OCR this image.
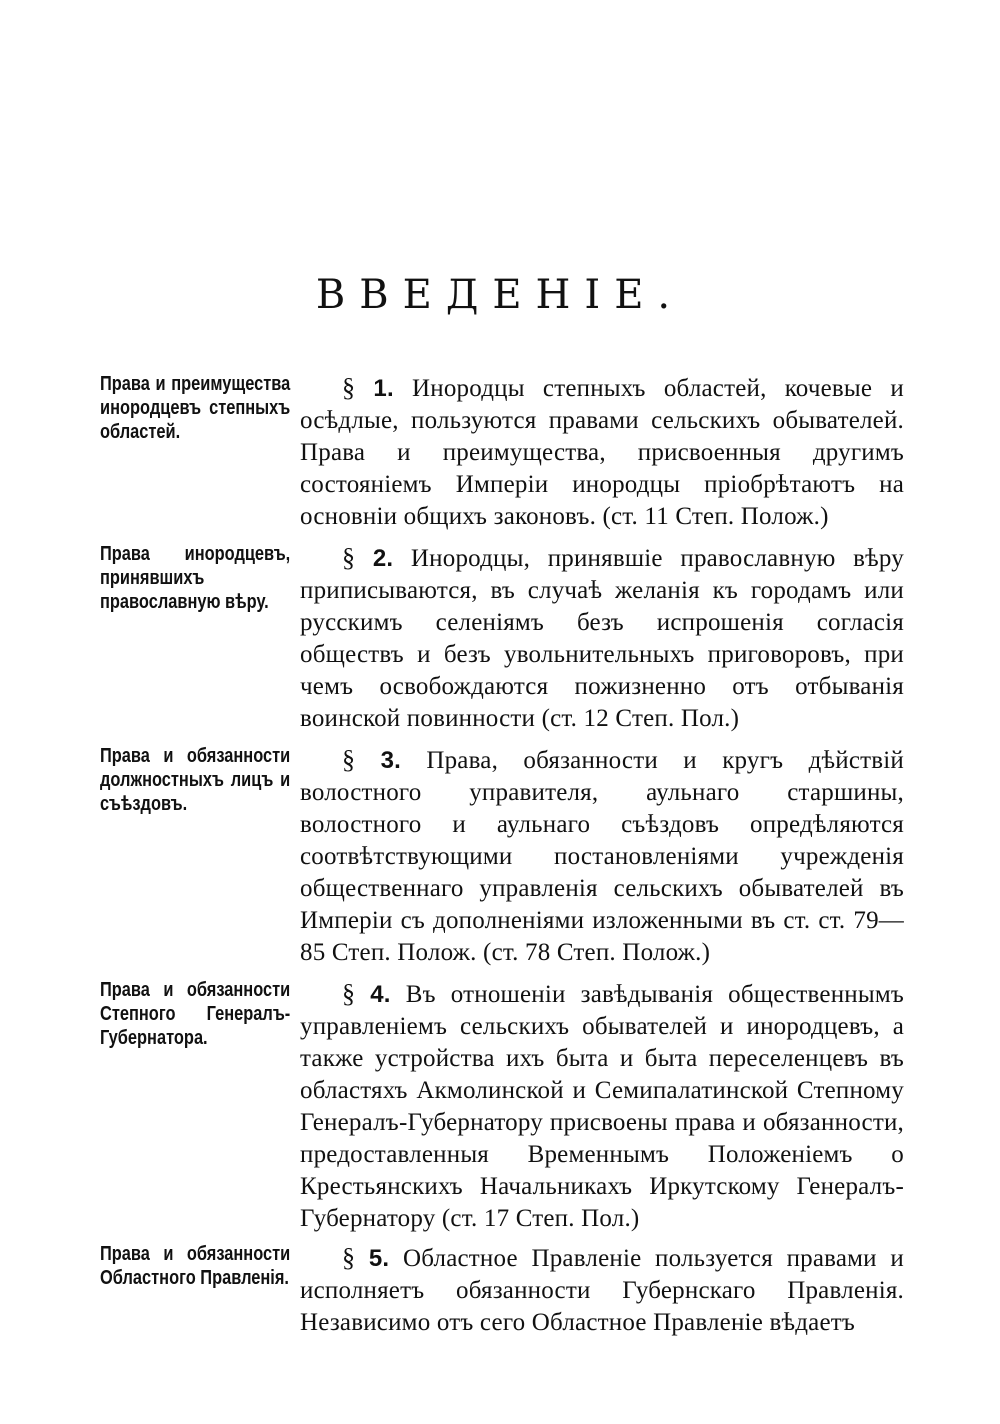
ВВЕДЕНІЕ.
Права и преимущества инородцевъ степныхъ областей.
§ 1. Инородцы степныхъ областей, кочевые и осѣдлые, пользуются правами сельскихъ обывателей. Права и преимущества, присвоенныя другимъ состояніемъ Имперіи инородцы пріобрѣтаютъ на основніи общихъ законовъ. (ст. 11 Степ. Полож.)
Права инородцевъ, принявшихъ православную вѣру.
§ 2. Инородцы, принявшіе православную вѣру приписываются, въ случаѣ желанія къ городамъ или русскимъ селеніямъ безъ испрошенія согласія обществъ и безъ увольнительныхъ приговоровъ, при чемъ освобождаются пожизненно отъ отбыванія воинской повинности (ст. 12 Степ. Пол.)
Права и обязанности должностныхъ лицъ и съѣздовъ.
§ 3. Права, обязанности и кругъ дѣйствій волостного управителя, аульнаго старшины, волостного и аульнаго съѣздовъ опредѣляются соотвѣтствующими постановленіями учрежденія общественнаго управленія сельскихъ обывателей въ Имперіи съ дополненіями изложенными въ ст. ст. 79—85 Степ. Полож. (ст. 78 Степ. Полож.)
Права и обязанности Степного Генералъ-Губернатора.
§ 4. Въ отношеніи завѣдыванія общественнымъ управленіемъ сельскихъ обывателей и инородцевъ, а также устройства ихъ быта и быта переселенцевъ въ областяхъ Акмолинской и Семипалатинской Степному Генералъ-Губернатору присвоены права и обязанности, предоставленныя Временнымъ Положеніемъ о Крестьянскихъ Начальникахъ Иркутскому Генералъ-Губернатору (ст. 17 Степ. Пол.)
Права и обязанности Областного Правленія.
§ 5. Областное Правленіе пользуется правами и исполняетъ обязанности Губернскаго Правленія. Независимо отъ сего Областное Правленіе вѣдаетъ
